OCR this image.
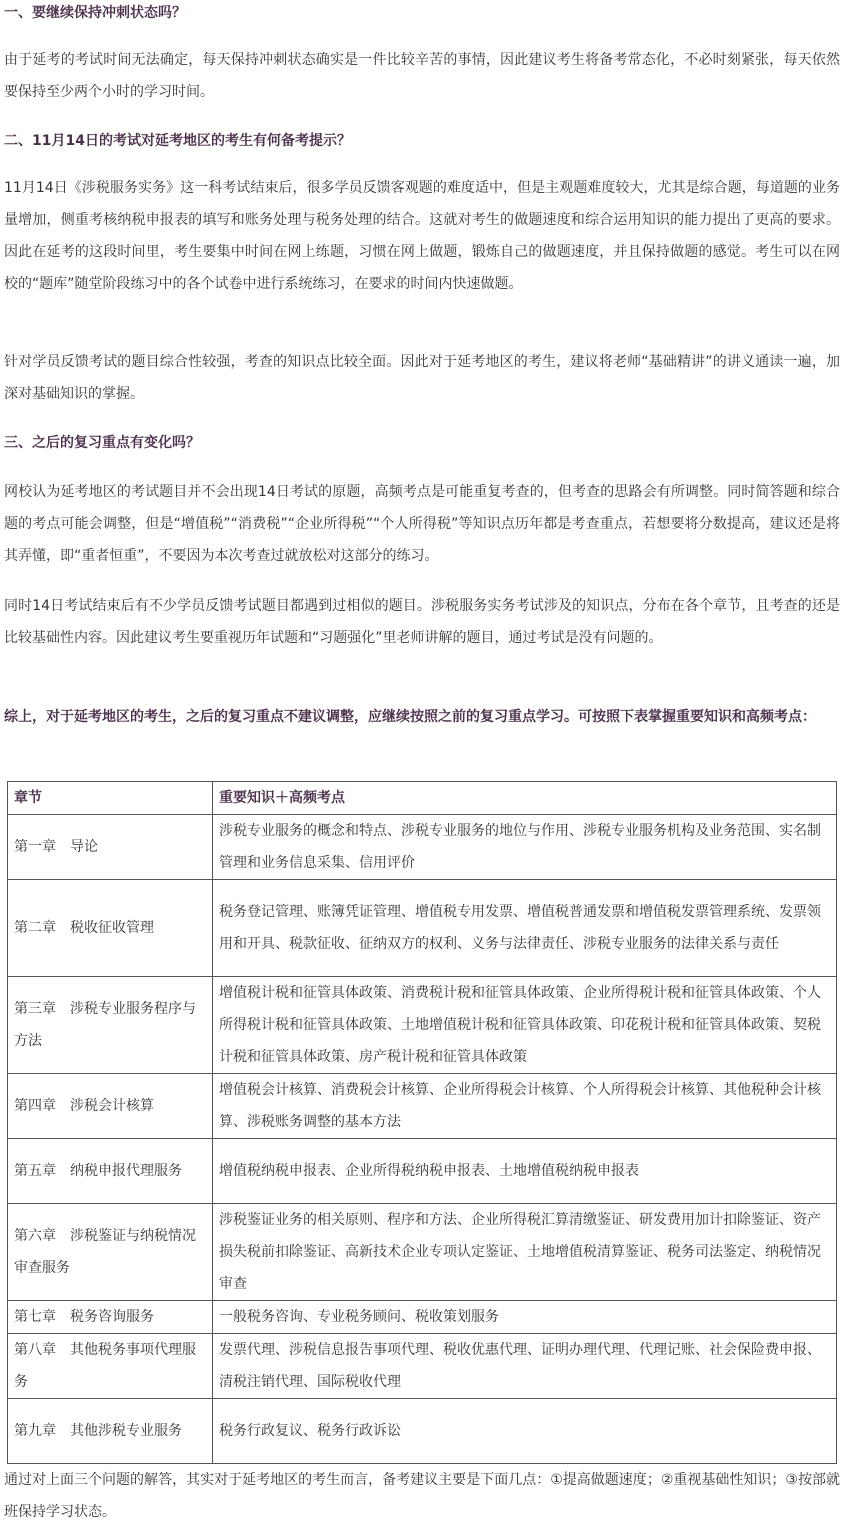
一、要继续保持冲刺状态吗？

由于延考的考试时间无法确定，每天保持冲刺状态确实是一件比较辛苦的事情，因此建议考生将备考常态化，不必时刻紧张，每天依然要保持至少两个小时的学习时间。

二、11月14日的考试对延考地区的考生有何备考提示？

11月14日《涉税服务实务》这一科考试结束后，很多学员反馈客观题的难度适中，但是主观题难度较大，尤其是综合题，每道题的业务量增加，侧重考核纳税申报表的填写和账务处理与税务处理的结合。这就对考生的做题速度和综合运用知识的能力提出了更高的要求。因此在延考的这段时间里，考生要集中时间在网上练题，习惯在网上做题，锻炼自己的做题速度，并且保持做题的感觉。考生可以在网校的“题库”随堂阶段练习中的各个试卷中进行系统练习，在要求的时间内快速做题。

针对学员反馈考试的题目综合性较强，考查的知识点比较全面。因此对于延考地区的考生，建议将老师“基础精讲”的讲义通读一遍，加深对基础知识的掌握。

三、之后的复习重点有变化吗？

网校认为延考地区的考试题目并不会出现14日考试的原题，高频考点是可能重复考查的，但考查的思路会有所调整。同时简答题和综合题的考点可能会调整，但是“增值税”“消费税”“企业所得税”“个人所得税”等知识点历年都是考查重点，若想要将分数提高，建议还是将其弄懂，即“重者恒重”，不要因为本次考查过就放松对这部分的练习。

同时14日考试结束后有不少学员反馈考试题目都遇到过相似的题目。涉税服务实务考试涉及的知识点，分布在各个章节，且考查的还是比较基础性内容。因此建议考生要重视历年试题和“习题强化”里老师讲解的题目，通过考试是没有问题的。

综上，对于延考地区的考生，之后的复习重点不建议调整，应继续按照之前的复习重点学习。可按照下表掌握重要知识和高频考点：

章节	重要知识＋高频考点
第一章　导论	涉税专业服务的概念和特点、涉税专业服务的地位与作用、涉税专业服务机构及业务范围、实名制管理和业务信息采集、信用评价
第二章　税收征收管理	税务登记管理、账簿凭证管理、增值税专用发票、增值税普通发票和增值税发票管理系统、发票领用和开具、税款征收、征纳双方的权利、义务与法律责任、涉税专业服务的法律关系与责任
第三章　涉税专业服务程序与方法	增值税计税和征管具体政策、消费税计税和征管具体政策、企业所得税计税和征管具体政策、个人所得税计税和征管具体政策、土地增值税计税和征管具体政策、印花税计税和征管具体政策、契税计税和征管具体政策、房产税计税和征管具体政策
第四章　涉税会计核算	增值税会计核算、消费税会计核算、企业所得税会计核算、个人所得税会计核算、其他税种会计核算、涉税账务调整的基本方法
第五章　纳税申报代理服务	增值税纳税申报表、企业所得税纳税申报表、土地增值税纳税申报表
第六章　涉税鉴证与纳税情况审查服务	涉税鉴证业务的相关原则、程序和方法、企业所得税汇算清缴鉴证、研发费用加计扣除鉴证、资产损失税前扣除鉴证、高新技术企业专项认定鉴证、土地增值税清算鉴证、税务司法鉴定、纳税情况审查
第七章　税务咨询服务	一般税务咨询、专业税务顾问、税收策划服务
第八章　其他税务事项代理服务	发票代理、涉税信息报告事项代理、税收优惠代理、证明办理代理、代理记账、社会保险费申报、清税注销代理、国际税收代理
第九章　其他涉税专业服务	税务行政复议、税务行政诉讼

通过对上面三个问题的解答，其实对于延考地区的考生而言，备考建议主要是下面几点：①提高做题速度；②重视基础性知识；③按部就班保持学习状态。
